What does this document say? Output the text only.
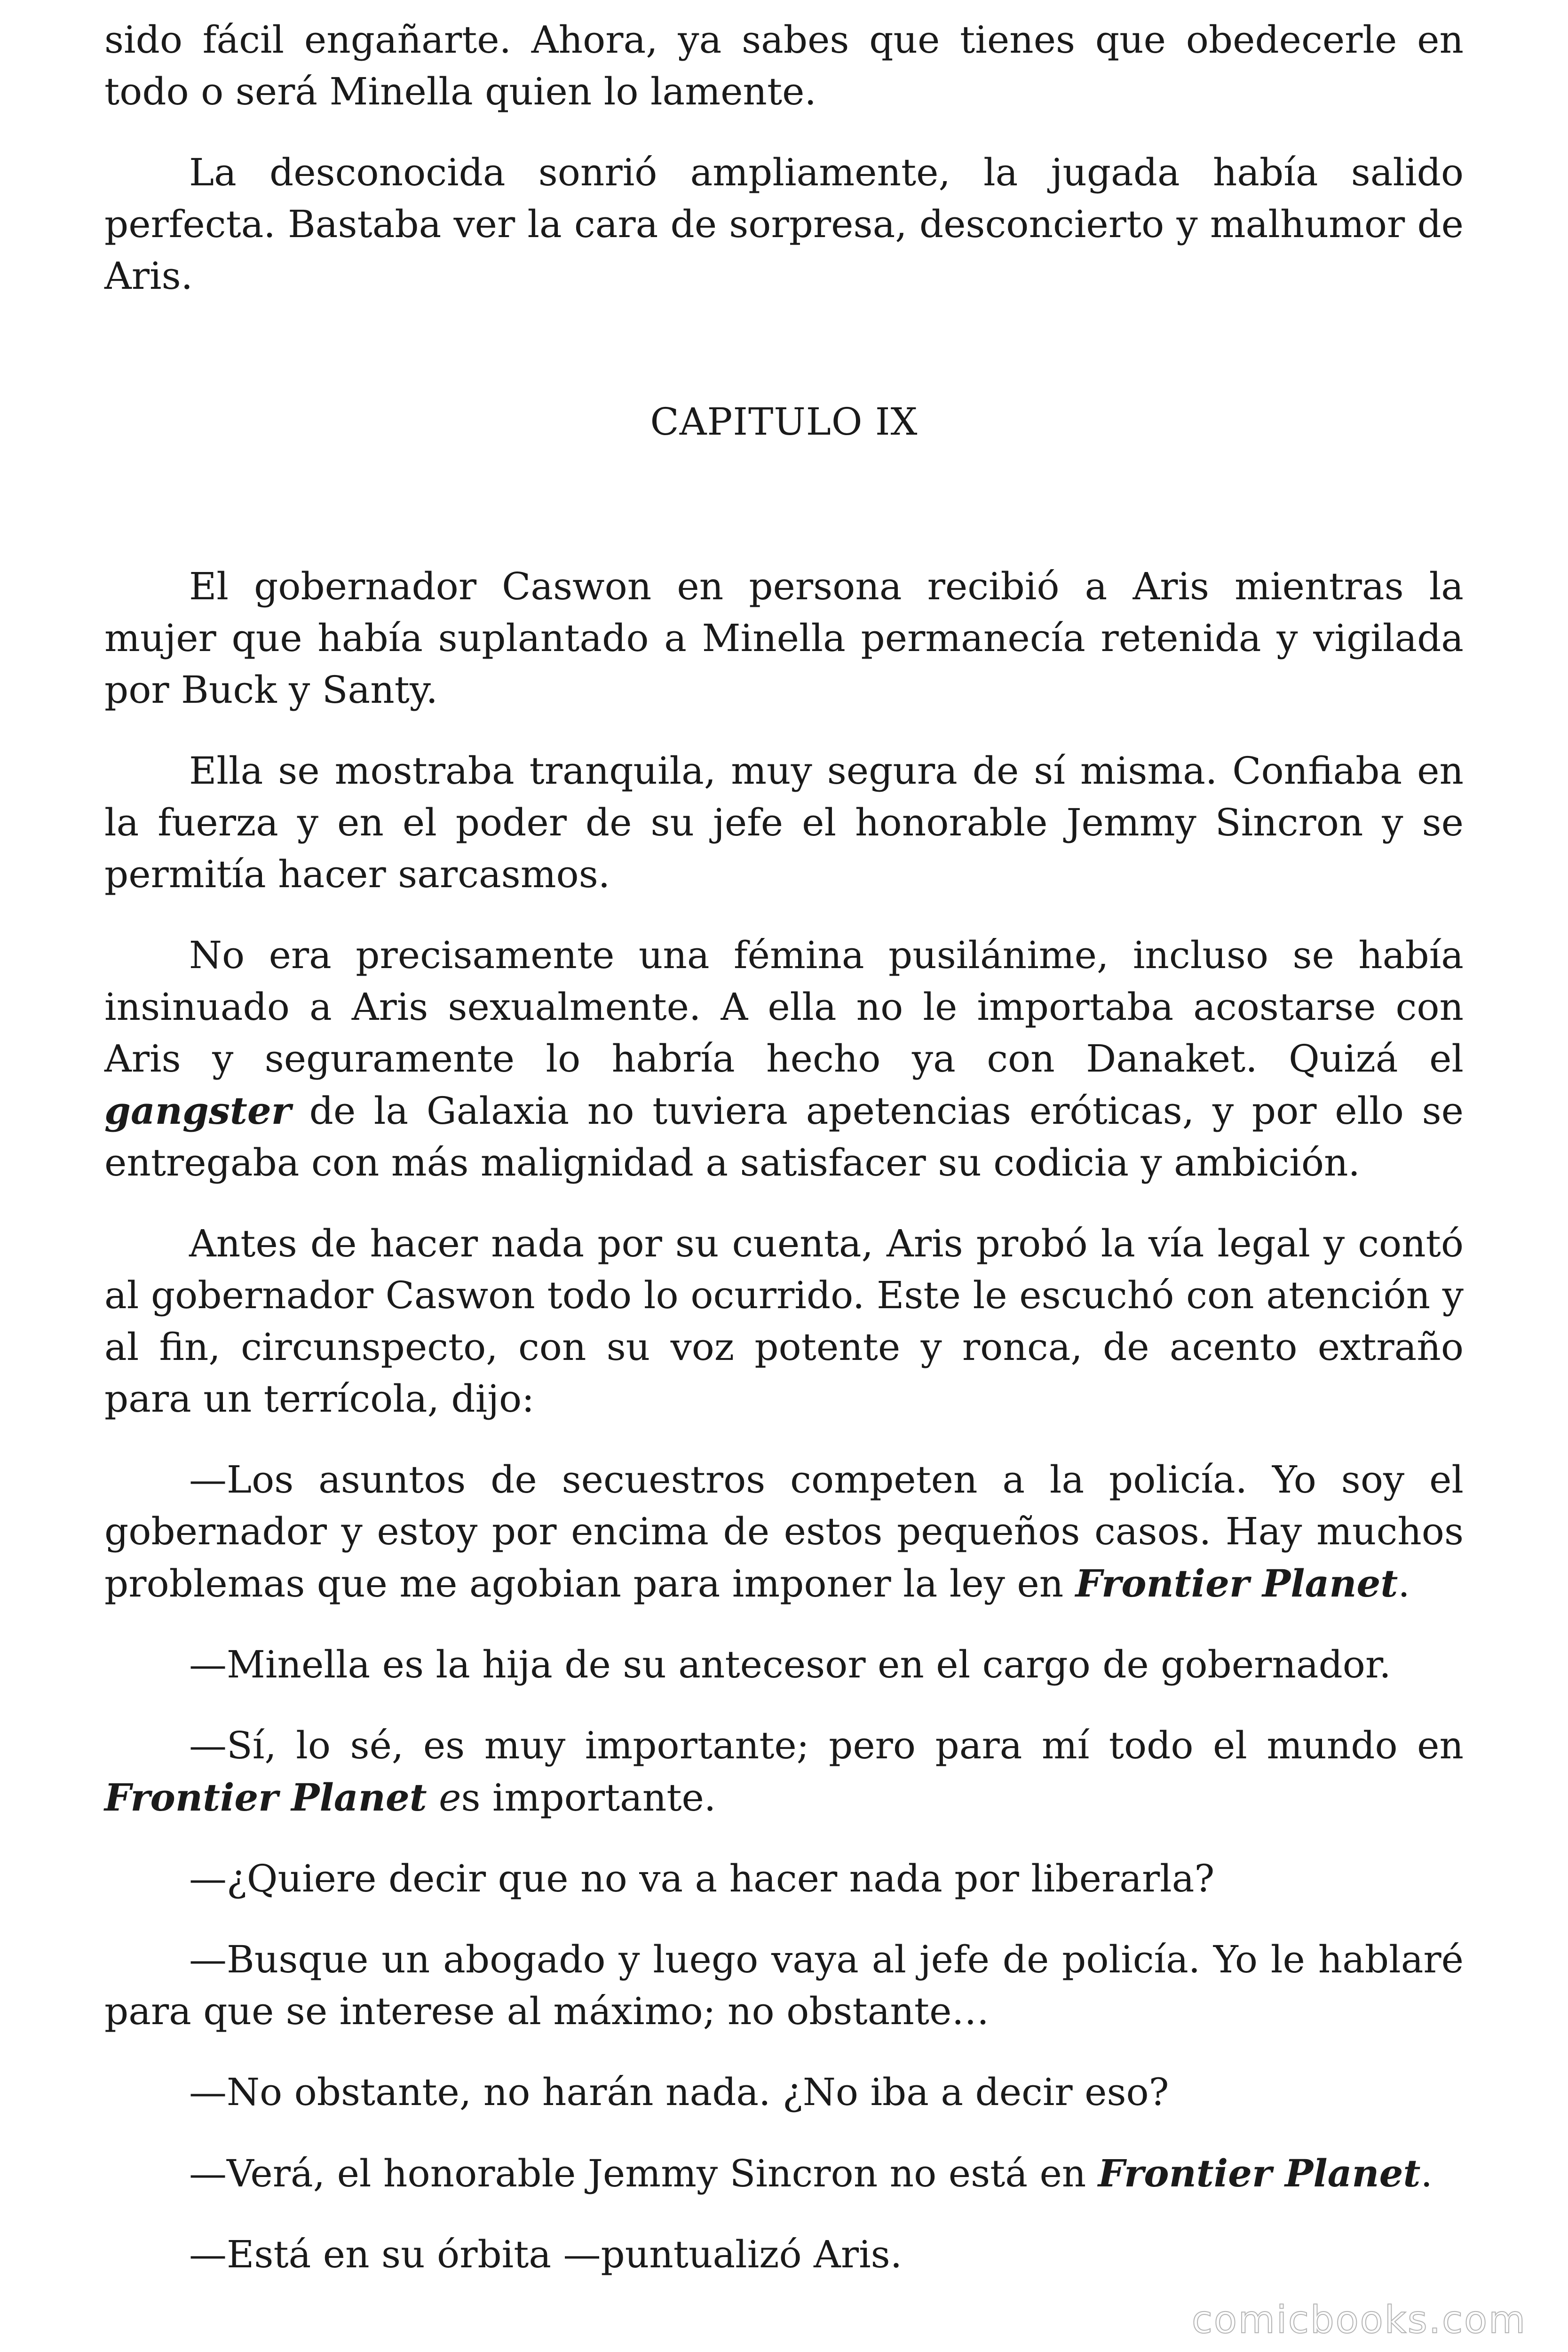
sido fácil engañarte. Ahora, ya sabes que tienes que obedecerle en todo o será Minella quien lo lamente.

La desconocida sonrió ampliamente, la jugada había salido perfecta. Bastaba ver la cara de sorpresa, desconcierto y malhumor de Aris.

CAPITULO IX

El gobernador Caswon en persona recibió a Aris mientras la mujer que había suplantado a Minella permanecía retenida y vigilada por Buck y Santy.

Ella se mostraba tranquila, muy segura de sí misma. Confiaba en la fuerza y en el poder de su jefe el honorable Jemmy Sincron y se permitía hacer sarcasmos.

No era precisamente una fémina pusilánime, incluso se había insinuado a Aris sexualmente. A ella no le importaba acostarse con Aris y seguramente lo habría hecho ya con Danaket. Quizá el gangster de la Galaxia no tuviera apetencias eróticas, y por ello se entregaba con más malignidad a satisfacer su codicia y ambición.

Antes de hacer nada por su cuenta, Aris probó la vía legal y contó al gobernador Caswon todo lo ocurrido. Este le escuchó con atención y al fin, circunspecto, con su voz potente y ronca, de acento extraño para un terrícola, dijo:

—Los asuntos de secuestros competen a la policía. Yo soy el gobernador y estoy por encima de estos pequeños casos. Hay muchos problemas que me agobian para imponer la ley en Frontier Planet.

—Minella es la hija de su antecesor en el cargo de gobernador.

—Sí, lo sé, es muy importante; pero para mí todo el mundo en Frontier Planet es importante.

—¿Quiere decir que no va a hacer nada por liberarla?

—Busque un abogado y luego vaya al jefe de policía. Yo le hablaré para que se interese al máximo; no obstante…

—No obstante, no harán nada. ¿No iba a decir eso?

—Verá, el honorable Jemmy Sincron no está en Frontier Planet.

—Está en su órbita —puntualizó Aris.

comicbooks.com
